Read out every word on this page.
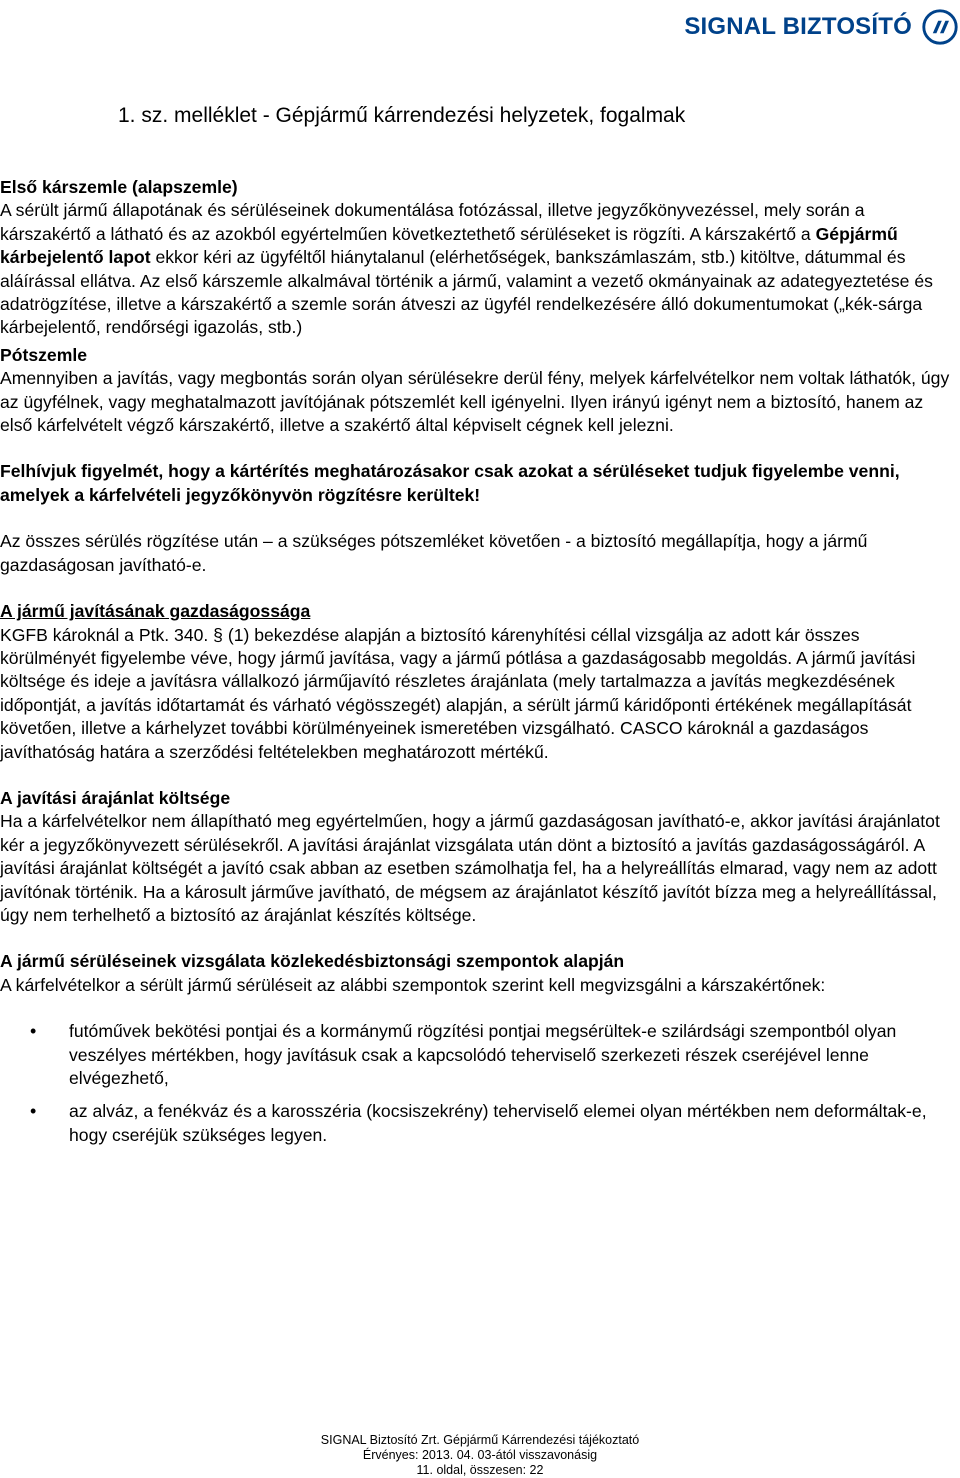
SIGNAL BIZTOSÍTÓ
1. sz. melléklet - Gépjármű kárrendezési helyzetek, fogalmak

Első kárszemle (alapszemle)

A sérült jármű állapotának és sérüléseinek dokumentálása fotózással, illetve jegyzőkönyvezéssel, mely során a kárszakértő a látható és az azokból egyértelműen következtethető sérüléseket is rögzíti. A kárszakértő a Gépjármű kárbejelentő lapot ekkor kéri az ügyféltől hiánytalanul (elérhetőségek, bankszámlaszám, stb.) kitöltve, dátummal és aláírással ellátva. Az első kárszemle alkalmával történik a jármű, valamint a vezető okmányainak az adategyeztetése és adatrögzítése, illetve a kárszakértő a szemle során átveszi az ügyfél rendelkezésére álló dokumentumokat („kék-sárga kárbejelentő, rendőrségi igazolás, stb.)

Pótszemle

Amennyiben a javítás, vagy megbontás során olyan sérülésekre derül fény, melyek kárfelvételkor nem voltak láthatók, úgy az ügyfélnek, vagy meghatalmazott javítójának pótszemlét kell igényelni. Ilyen irányú igényt nem a biztosító, hanem az első kárfelvételt végző kárszakértő, illetve a szakértő által képviselt cégnek kell jelezni.

Felhívjuk figyelmét, hogy a kártérítés meghatározásakor csak azokat a sérüléseket tudjuk figyelembe venni, amelyek a kárfelvételi jegyzőkönyvön rögzítésre kerültek!

Az összes sérülés rögzítése után – a szükséges pótszemléket követően - a biztosító megállapítja, hogy a jármű gazdaságosan javítható-e.

A jármű javításának gazdaságossága

KGFB károknál a Ptk. 340. § (1) bekezdése alapján a biztosító kárenyhítési céllal vizsgálja az adott kár összes körülményét figyelembe véve, hogy jármű javítása, vagy a jármű pótlása a gazdaságosabb megoldás. A jármű javítási költsége és ideje a javításra vállalkozó járműjavító részletes árajánlata (mely tartalmazza a javítás megkezdésének időpontját, a javítás időtartamát és várható végösszegét) alapján, a sérült jármű káridőponti értékének megállapítását követően, illetve a kárhelyzet további körülményeinek ismeretében vizsgálható. CASCO károknál a gazdaságos javíthatóság határa a szerződési feltételekben meghatározott mértékű.

A javítási árajánlat költsége

Ha a kárfelvételkor nem állapítható meg egyértelműen, hogy a jármű gazdaságosan javítható-e, akkor javítási árajánlatot kér a jegyzőkönyvezett sérülésekről. A javítási árajánlat vizsgálata után dönt a biztosító a javítás gazdaságosságáról. A javítási árajánlat költségét a javító csak abban az esetben számolhatja fel, ha a helyreállítás elmarad, vagy nem az adott javítónak történik. Ha a károsult járműve javítható, de mégsem az árajánlatot készítő javítót bízza meg a helyreállítással, úgy nem terhelhető a biztosító az árajánlat készítés költsége.

A jármű sérüléseinek vizsgálata közlekedésbiztonsági szempontok alapján

A kárfelvételkor a sérült jármű sérüléseit az alábbi szempontok szerint kell megvizsgálni a kárszakértőnek:

• futóművek bekötési pontjai és a kormánymű rögzítési pontjai megsérültek-e szilárdsági szempontból olyan veszélyes mértékben, hogy javításuk csak a kapcsolódó teherviselő szerkezeti részek cseréjével lenne elvégezhető,
• az alváz, a fenékváz és a karosszéria (kocsiszekrény) teherviselő elemei olyan mértékben nem deformáltak-e, hogy cseréjük szükséges legyen.
SIGNAL Biztosító Zrt. Gépjármű Kárrendezési tájékoztató
Érvényes: 2013. 04. 03-ától visszavonásig
11. oldal, összesen: 22
